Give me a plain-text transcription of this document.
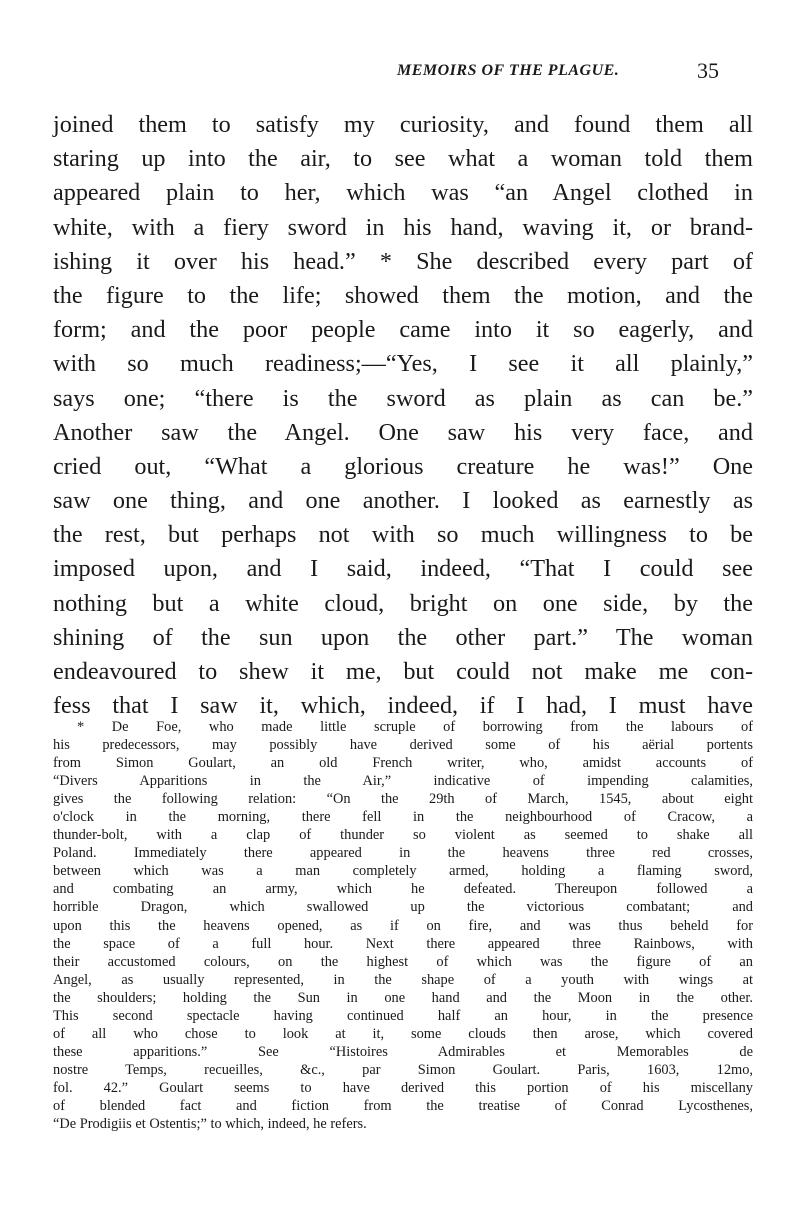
MEMOIRS OF THE PLAGUE.	35
joined them to satisfy my curiosity, and found them all
staring up into the air, to see what a woman told them
appeared plain to her, which was “an Angel clothed in
white, with a fiery sword in his hand, waving it, or brand-
ishing it over his head.” * She described every part of
the figure to the life; showed them the motion, and the
form; and the poor people came into it so eagerly, and
with so much readiness;—“Yes, I see it all plainly,”
says one; “there is the sword as plain as can be.”
Another saw the Angel. One saw his very face, and
cried out, “What a glorious creature he was!” One
saw one thing, and one another. I looked as earnestly as
the rest, but perhaps not with so much willingness to be
imposed upon, and I said, indeed, “That I could see
nothing but a white cloud, bright on one side, by the
shining of the sun upon the other part.” The woman
endeavoured to shew it me, but could not make me con-
fess that I saw it, which, indeed, if I had, I must have
* De Foe, who made little scruple of borrowing from the labours of
his predecessors, may possibly have derived some of his aërial portents
from Simon Goulart, an old French writer, who, amidst accounts of
“Divers Apparitions in the Air,” indicative of impending calamities,
gives the following relation: “On the 29th of March, 1545, about eight
o'clock in the morning, there fell in the neighbourhood of Cracow, a
thunder-bolt, with a clap of thunder so violent as seemed to shake all
Poland. Immediately there appeared in the heavens three red crosses,
between which was a man completely armed, holding a flaming sword,
and combating an army, which he defeated. Thereupon followed a
horrible Dragon, which swallowed up the victorious combatant; and
upon this the heavens opened, as if on fire, and was thus beheld for
the space of a full hour. Next there appeared three Rainbows, with
their accustomed colours, on the highest of which was the figure of an
Angel, as usually represented, in the shape of a youth with wings at
the shoulders; holding the Sun in one hand and the Moon in the other.
This second spectacle having continued half an hour, in the presence
of all who chose to look at it, some clouds then arose, which covered
these apparitions.” See “Histoires Admirables et Memorables de
nostre Temps, recueilles, &c., par Simon Goulart. Paris, 1603, 12mo,
fol. 42.” Goulart seems to have derived this portion of his miscellany
of blended fact and fiction from the treatise of Conrad Lycosthenes,
“De Prodigiis et Ostentis;” to which, indeed, he refers.
